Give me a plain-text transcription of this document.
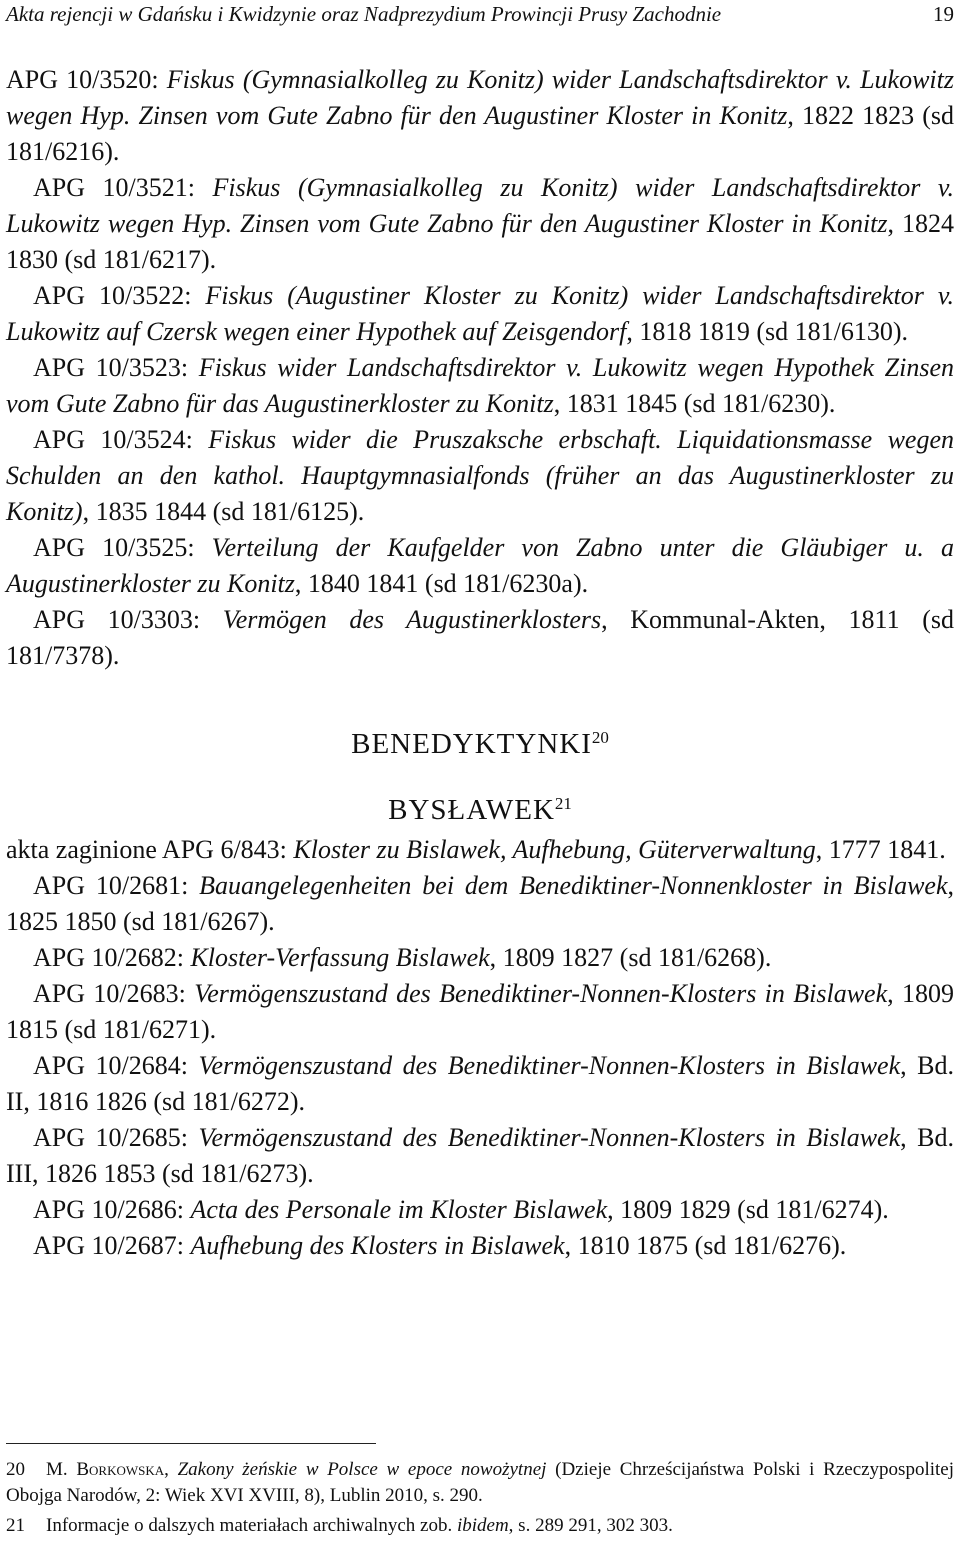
Akta rejencji w Gdańsku i Kwidzynie oraz Nadprezydium Prowincji Prusy Zachodnie	19

APG 10/3520: Fiskus (Gymnasialkolleg zu Konitz) wider Landschaftsdirektor v. Lukowitz wegen Hyp. Zinsen vom Gute Zabno für den Augustiner Kloster in Konitz, 1822 1823 (sd 181/6216).

APG 10/3521: Fiskus (Gymnasialkolleg zu Konitz) wider Landschaftsdirektor v. Lukowitz wegen Hyp. Zinsen vom Gute Zabno für den Augustiner Kloster in Konitz, 1824 1830 (sd 181/6217).

APG 10/3522: Fiskus (Augustiner Kloster zu Konitz) wider Landschaftsdirektor v. Lukowitz auf Czersk wegen einer Hypothek auf Zeisgendorf, 1818 1819 (sd 181/6130).

APG 10/3523: Fiskus wider Landschaftsdirektor v. Lukowitz wegen Hypothek Zinsen vom Gute Zabno für das Augustinerkloster zu Konitz, 1831 1845 (sd 181/6230).

APG 10/3524: Fiskus wider die Pruszaksche erbschaft. Liquidationsmasse wegen Schulden an den kathol. Hauptgymnasialfonds (früher an das Augustinerkloster zu Konitz), 1835 1844 (sd 181/6125).

APG 10/3525: Verteilung der Kaufgelder von Zabno unter die Gläubiger u. a Augustinerkloster zu Konitz, 1840 1841 (sd 181/6230a).

APG 10/3303: Vermögen des Augustinerklosters, Kommunal-Akten, 1811 (sd 181/7378).

BENEDYKTYNKI$^{20}$
BYSŁAWEK$^{21}$

akta zaginione APG 6/843: Kloster zu Bislawek, Aufhebung, Güterverwaltung, 1777 1841.

APG 10/2681: Bauangelegenheiten bei dem Benediktiner-Nonnenkloster in Bislawek, 1825 1850 (sd 181/6267).

APG 10/2682: Kloster-Verfassung Bislawek, 1809 1827 (sd 181/6268).

APG 10/2683: Vermögenszustand des Benediktiner-Nonnen-Klosters in Bislawek, 1809 1815 (sd 181/6271).

APG 10/2684: Vermögenszustand des Benediktiner-Nonnen-Klosters in Bislawek, Bd. II, 1816 1826 (sd 181/6272).

APG 10/2685: Vermögenszustand des Benediktiner-Nonnen-Klosters in Bislawek, Bd. III, 1826 1853 (sd 181/6273).

APG 10/2686: Acta des Personale im Kloster Bislawek, 1809 1829 (sd 181/6274).

APG 10/2687: Aufhebung des Klosters in Bislawek, 1810 1875 (sd 181/6276).

20 M. Borkowska, Zakony żeńskie w Polsce w epoce nowożytnej (Dzieje Chrześcijaństwa Polski i Rzeczypospolitej Obojga Narodów, 2: Wiek XVI XVIII, 8), Lublin 2010, s. 290.

21 Informacje o dalszych materiałach archiwalnych zob. ibidem, s. 289 291, 302 303.
